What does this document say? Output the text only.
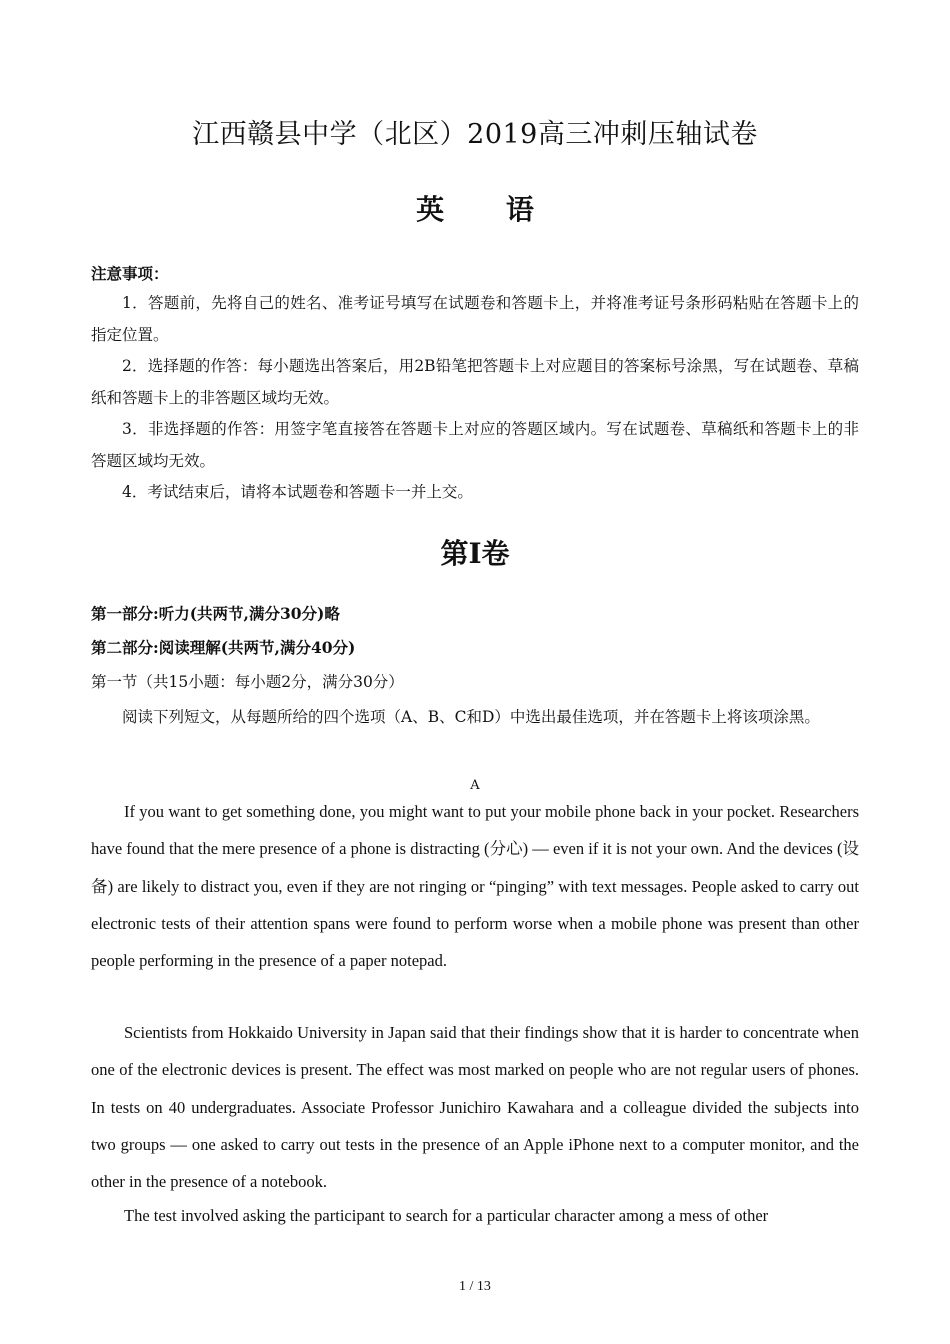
江西赣县中学（北区）2019高三冲刺压轴试卷
英 语
注意事项：

1．答题前，先将自己的姓名、准考证号填写在试题卷和答题卡上，并将准考证号条形码粘贴在答题卡上的指定位置。

2．选择题的作答：每小题选出答案后，用2B铅笔把答题卡上对应题目的答案标号涂黑，写在试题卷、草稿纸和答题卡上的非答题区域均无效。

3．非选择题的作答：用签字笔直接答在答题卡上对应的答题区域内。写在试题卷、草稿纸和答题卡上的非答题区域均无效。

4．考试结束后，请将本试题卷和答题卡一并上交。

第Ⅰ卷
第一部分:听力(共两节,满分30分)略
第二部分:阅读理解(共两节,满分40分)
第一节（共15小题：每小题2分，满分30分）

阅读下列短文，从每题所给的四个选项（A、B、C和D）中选出最佳选项，并在答题卡上将该项涂黑。

A

If you want to get something done, you might want to put your mobile phone back in your pocket. Researchers have found that the mere presence of a phone is distracting (分心) — even if it is not your own. And the devices (设备) are likely to distract you, even if they are not ringing or “pinging” with text messages. People asked to carry out electronic tests of their attention spans were found to perform worse when a mobile phone was present than other people performing in the presence of a paper notepad.

Scientists from Hokkaido University in Japan said that their findings show that it is harder to concentrate when one of the electronic devices is present. The effect was most marked on people who are not regular users of phones. In tests on 40 undergraduates. Associate Professor Junichiro Kawahara and a colleague divided the subjects into two groups — one asked to carry out tests in the presence of an Apple iPhone next to a computer monitor, and the other in the presence of a notebook.

The test involved asking the participant to search for a particular character among a mess of other

1 / 13
